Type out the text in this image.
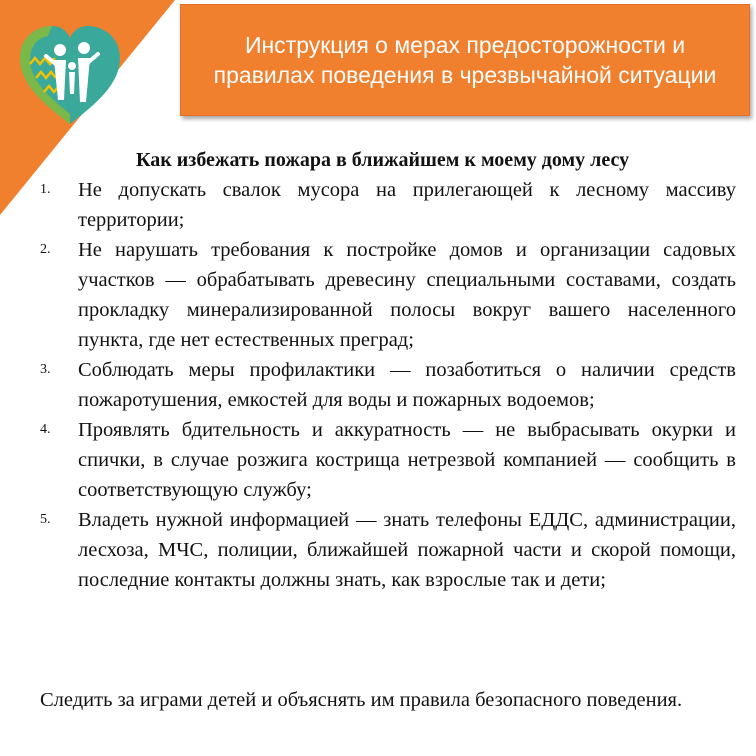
Инструкция о мерах предосторожности и правилах поведения в чрезвычайной ситуации
Как избежать пожара в ближайшем к моему дому лесу
1. Не допускать свалок мусора на прилегающей к лесному массиву территории;
2. Не нарушать требования к постройке домов и организации садовых участков — обрабатывать древесину специальными составами, создать прокладку минерализированной полосы вокруг вашего населенного пункта, где нет естественных преград;
3. Соблюдать меры профилактики — позаботиться о наличии средств пожаротушения, емкостей для воды и пожарных водоемов;
4. Проявлять бдительность и аккуратность — не выбрасывать окурки и спички, в случае розжига кострища нетрезвой компанией — сообщить в соответствующую службу;
5. Владеть нужной информацией — знать телефоны ЕДДС, администрации, лесхоза, МЧС, полиции, ближайшей пожарной части и скорой помощи, последние контакты должны знать, как взрослые так и дети;

Следить за играми детей и объяснять им правила безопасного поведения.
